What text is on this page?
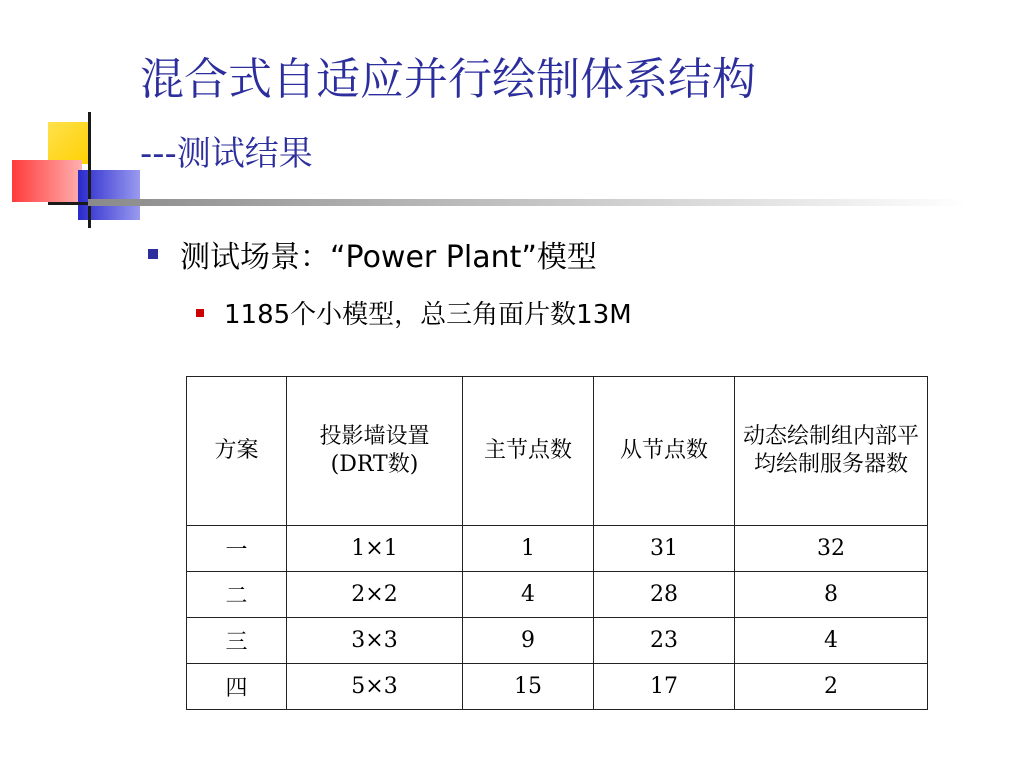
混合式自适应并行绘制体系结构
---测试结果
测试场景：“Power Plant”模型
1185个小模型，总三角面片数13M
方案	投影墙设置(DRT数)	主节点数	从节点数	动态绘制组内部平均绘制服务器数
一	1×1	1	31	32
二	2×2	4	28	8
三	3×3	9	23	4
四	5×3	15	17	2
